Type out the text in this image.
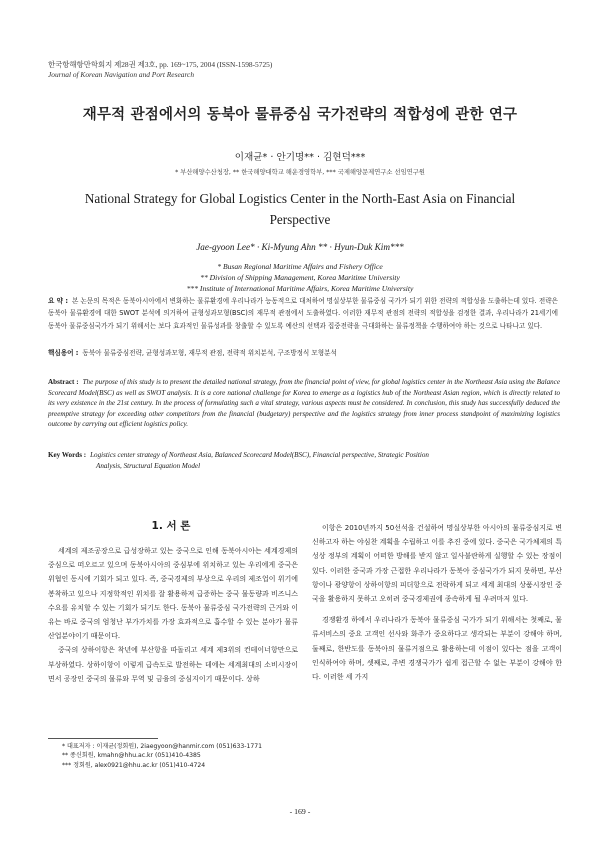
한국항해항만학회지 제28권 제3호, pp. 169~175, 2004 (ISSN-1598-5725)
Journal of Korean Navigation and Port Research
재무적 관점에서의 동북아 물류중심 국가전략의 적합성에 관한 연구
이재균* · 안기명** · 김현덕***
* 부산해양수산청장, ** 한국해양대학교 해운경영학부, *** 국제해양문제연구소 선임연구원
National Strategy for Global Logistics Center in the North-East Asia on Financial Perspective
Jae-gyoon Lee* · Ki-Myung Ahn ** · Hyun-Duk Kim***
* Busan Regional Maritime Affairs and Fishery Office
** Division of Shipping Management, Korea Maritime University
*** Institute of International Maritime Affairs, Korea Maritime University
요 약 : 본 논문의 목적은 동북아시아에서 변화하는 물류환경에 우리나라가 능동적으로 대처하여 명실상부한 물류중심 국가가 되기 위한 전략의 적합성을 도출하는데 있다. 전략은 동북아 물류환경에 대한 SWOT 분석에 의거하여 균형성과모형(BSC)의 재무적 관점에서 도출하였다. 이러한 재무적 관점의 전략의 적합성을 검정한 결과, 우리나라가 21세기에 동북아 물류중심국가가 되기 위해서는 보다 효과적인 물류성과를 창출할 수 있도록 예산의 선택과 집중전략을 극대화하는 물류정책을 수행하여야 하는 것으로 나타나고 있다.
핵심용어 : 동북아 물류중심전략, 균형성과모형, 재무적 관점, 전략적 위치분석, 구조방정식 모형분석
Abstract : The purpose of this study is to present the detailed national strategy, from the financial point of view, for global logistics center in the Northeast Asia using the Balance Scorecard Model(BSC) as well as SWOT analysis. It is a core national challenge for Korea to emerge as a logistics hub of the Northeast Asian region, which is directly related to its very existence in the 21st century. In the process of formulating such a vital strategy, various aspects must be considered. In conclusion, this study has successfully deduced the preemptive strategy for exceeding other competitors from the financial (budgetary) perspective and the logistics strategy from inner process standpoint of maximizing logistics outcome by carrying out efficient logistics policy.
Key Words : Logistics center strategy of Northeast Asia, Balanced Scorecard Model(BSC), Financial perspective, Strategic Position
Analysis, Structural Equation Model
1. 서 론

세계의 제조공장으로 급성장하고 있는 중국으로 인해 동북아시아는 세계경제의 중심으로 떠오르고 있으며 동북아시아의 중심부에 위치하고 있는 우리에게 중국은 위협인 동시에 기회가 되고 있다. 즉, 중국경제의 부상으로 우리의 제조업이 위기에 봉착하고 있으나 지정학적인 위치를 잘 활용하져 급증하는 중국 물동량과 비즈니스 수요를 유치할 수 있는 기회가 되기도 한다. 동북아 물류중심 국가전략의 근거와 이유는 바로 중국의 엄청난 부가가치를 가장 효과적으로 흡수할 수 있는 분야가 물류산업분야이기 때문이다.

중국의 상하이항은 착년에 부산항을 따돌리고 세계 제3위의 컨테이너항만으로 부상하였다. 상하이항이 이렇게 급속도로 발전하는 데에는 세계최대의 소비시장이면서 공장인 중국의 물류와 무역 및 금융의 중심지이기 때문이다. 상하

이항은 2010년까지 50선석을 건설하여 명실상부한 아시아의 물류중심지로 변신하고자 하는 야심찬 계획을 수립하고 이를 추진 중에 있다. 중국은 국가체제의 특성상 정부의 계획이 어떠한 방해를 받지 않고 일사불란하게 실행할 수 있는 장점이 있다. 이러한 중국과 가장 근접한 우리나라가 동북아 중심국가가 되지 못하면, 부산항이나 광양항이 상하이항의 피더항으로 전락하게 되고 세계 최대의 상품시장인 중국을 활용하지 못하고 오히려 중국경제권에 종속하게 될 우려마저 있다.

경쟁환경 하에서 우리나라가 동북아 물류중심 국가가 되기 위해서는 첫째로, 물류서비스의 중요 고객인 선사와 화주가 중요하다고 생각되는 부분이 강해야 하며, 둘째로, 한반도를 동북아의 물류거점으로 활용하는데 이점이 있다는 점을 고객이 인식하여야 하며, 셋째로, 주변 경쟁국가가 쉽게 접근할 수 없는 부분이 강해야 한다. 이러한 세 가지

* 대표저자 : 이재균(정회원), 2iaegyoon@hanmir.com (051)633-1771
** 종신회원, kmahn@hhu.ac.kr (051)410-4385
*** 정회원, alex0921@hhu.ac.kr (051)410-4724
- 169 -
